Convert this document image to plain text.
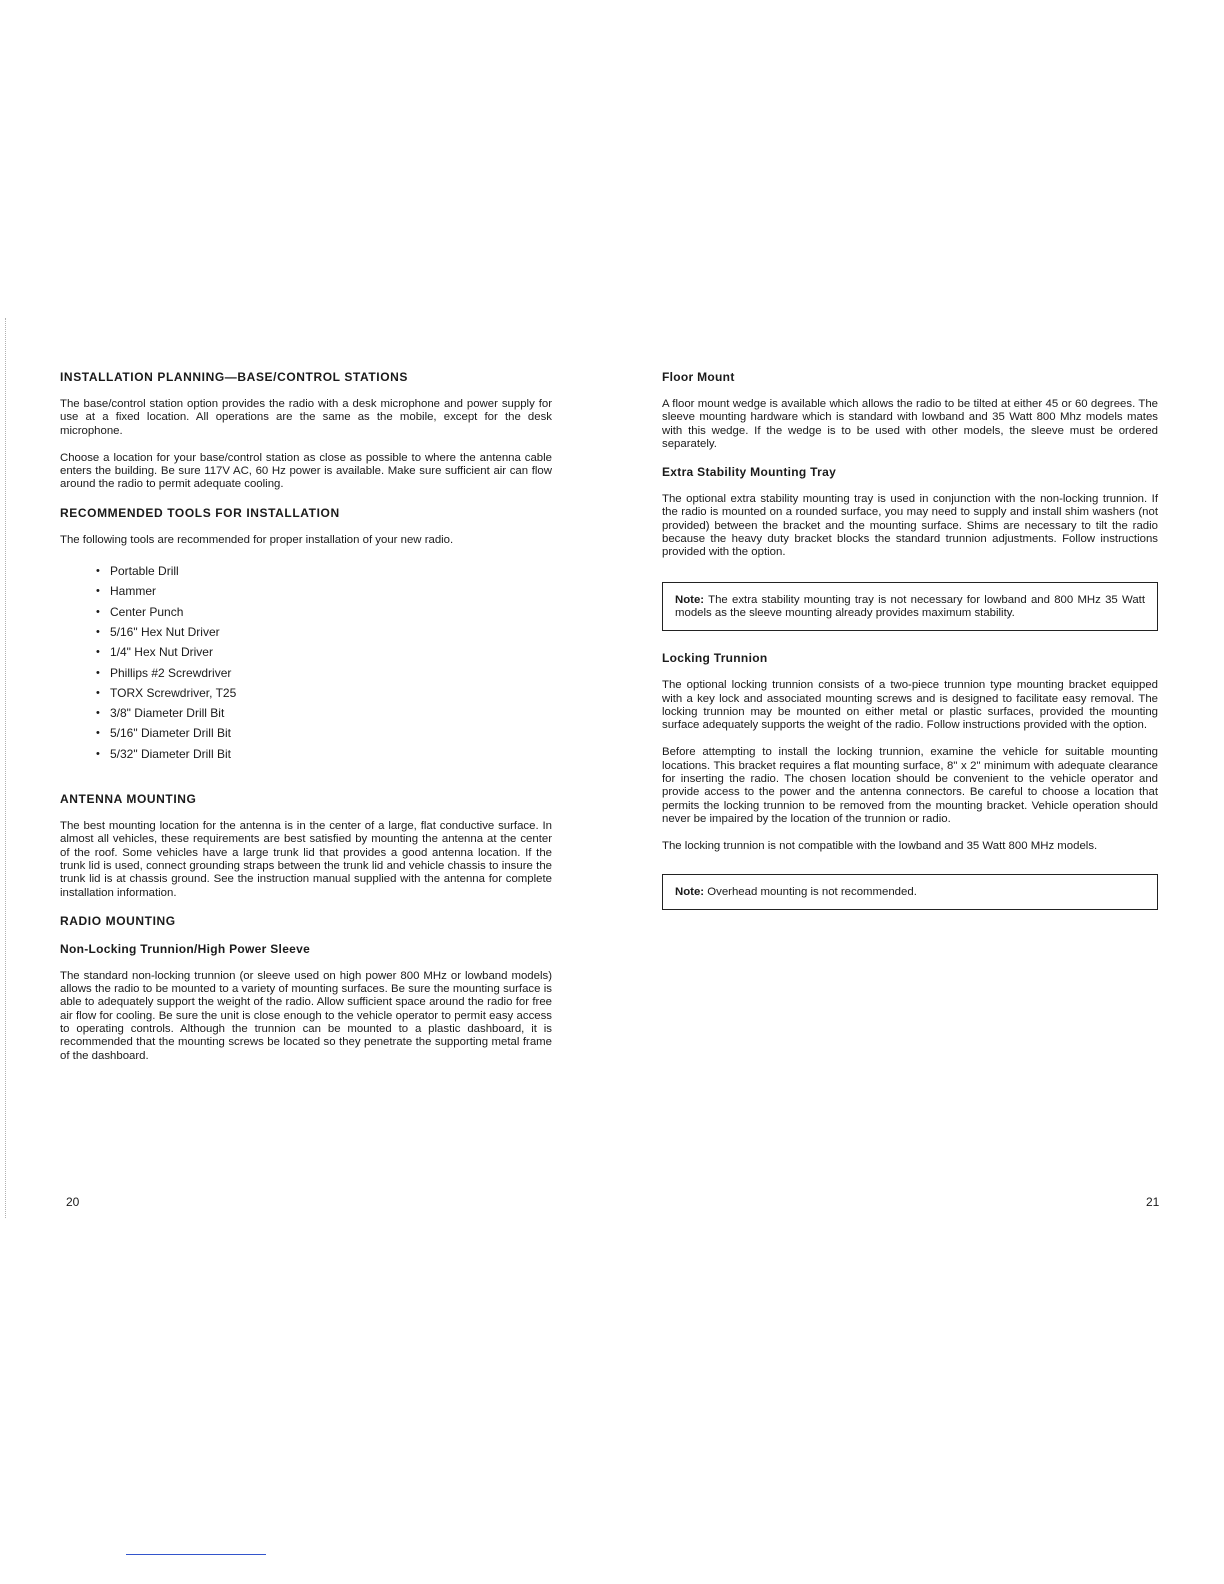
INSTALLATION PLANNING—BASE/CONTROL STATIONS

The base/control station option provides the radio with a desk microphone and power supply for use at a fixed location. All operations are the same as the mobile, except for the desk microphone.

Choose a location for your base/control station as close as possible to where the antenna cable enters the building. Be sure 117V AC, 60 Hz power is available. Make sure sufficient air can flow around the radio to permit adequate cooling.

RECOMMENDED TOOLS FOR INSTALLATION

The following tools are recommended for proper installation of your new radio.

• Portable Drill
• Hammer
• Center Punch
• 5/16" Hex Nut Driver
• 1/4" Hex Nut Driver
• Phillips #2 Screwdriver
• TORX Screwdriver, T25
• 3/8" Diameter Drill Bit
• 5/16" Diameter Drill Bit
• 5/32" Diameter Drill Bit
ANTENNA MOUNTING

The best mounting location for the antenna is in the center of a large, flat conductive surface. In almost all vehicles, these requirements are best satisfied by mounting the antenna at the center of the roof. Some vehicles have a large trunk lid that provides a good antenna location. If the trunk lid is used, connect grounding straps between the trunk lid and vehicle chassis to insure the trunk lid is at chassis ground. See the instruction manual supplied with the antenna for complete installation information.

RADIO MOUNTING
Non-Locking Trunnion/High Power Sleeve

The standard non-locking trunnion (or sleeve used on high power 800 MHz or lowband models) allows the radio to be mounted to a variety of mounting surfaces. Be sure the mounting surface is able to adequately support the weight of the radio. Allow sufficient space around the radio for free air flow for cooling. Be sure the unit is close enough to the vehicle operator to permit easy access to operating controls. Although the trunnion can be mounted to a plastic dashboard, it is recommended that the mounting screws be located so they penetrate the supporting metal frame of the dashboard.

Floor Mount

A floor mount wedge is available which allows the radio to be tilted at either 45 or 60 degrees. The sleeve mounting hardware which is standard with lowband and 35 Watt 800 Mhz models mates with this wedge. If the wedge is to be used with other models, the sleeve must be ordered separately.

Extra Stability Mounting Tray

The optional extra stability mounting tray is used in conjunction with the non-locking trunnion. If the radio is mounted on a rounded surface, you may need to supply and install shim washers (not provided) between the bracket and the mounting surface. Shims are necessary to tilt the radio because the heavy duty bracket blocks the standard trunnion adjustments. Follow instructions provided with the option.

Note: The extra stability mounting tray is not necessary for lowband and 800 MHz 35 Watt models as the sleeve mounting already provides maximum stability.

Locking Trunnion

The optional locking trunnion consists of a two-piece trunnion type mounting bracket equipped with a key lock and associated mounting screws and is designed to facilitate easy removal. The locking trunnion may be mounted on either metal or plastic surfaces, provided the mounting surface adequately supports the weight of the radio. Follow instructions provided with the option.

Before attempting to install the locking trunnion, examine the vehicle for suitable mounting locations. This bracket requires a flat mounting surface, 8" x 2" minimum with adequate clearance for inserting the radio. The chosen location should be convenient to the vehicle operator and provide access to the power and the antenna connectors. Be careful to choose a location that permits the locking trunnion to be removed from the mounting bracket. Vehicle operation should never be impaired by the location of the trunnion or radio.

The locking trunnion is not compatible with the lowband and 35 Watt 800 MHz models.

Note: Overhead mounting is not recommended.

20	21
